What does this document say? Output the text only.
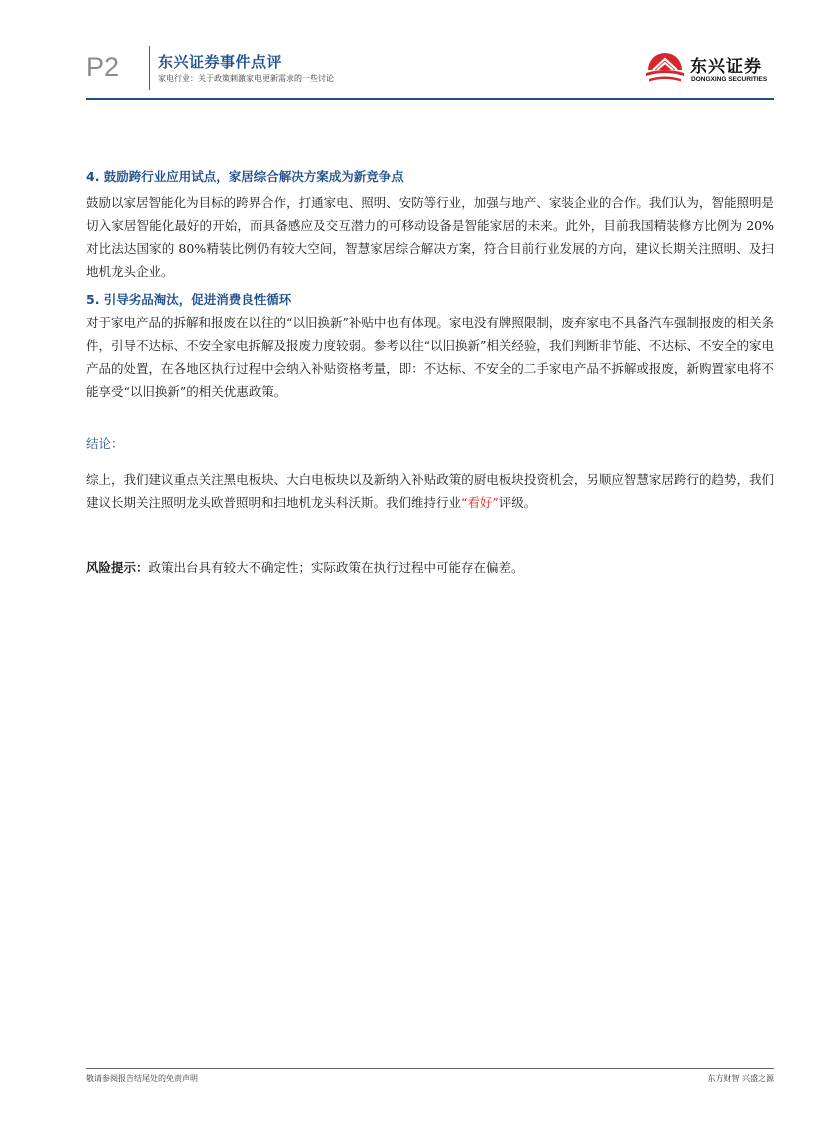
P2	东兴证券事件点评
家电行业：关于政策刺激家电更新需求的一些讨论
东兴证券
DONGXING SECURITIES

4. 鼓励跨行业应用试点，家居综合解决方案成为新竞争点

鼓励以家居智能化为目标的跨界合作，打通家电、照明、安防等行业，加强与地产、家装企业的合作。我们认为，智能照明是切入家居智能化最好的开始，而具备感应及交互潜力的可移动设备是智能家居的未来。此外，目前我国精装修方比例为 20%对比法达国家的 80%精装比例仍有较大空间，智慧家居综合解决方案，符合目前行业发展的方向，建议长期关注照明、及扫地机龙头企业。

5. 引导劣品淘汰，促进消费良性循环

对于家电产品的拆解和报废在以往的“以旧换新”补贴中也有体现。家电没有牌照限制，废弃家电不具备汽车强制报废的相关条件，引导不达标、不安全家电拆解及报废力度较弱。参考以往“以旧换新”相关经验，我们判断非节能、不达标、不安全的家电产品的处置，在各地区执行过程中会纳入补贴资格考量，即：不达标、不安全的二手家电产品不拆解或报废，新购置家电将不能享受“以旧换新”的相关优惠政策。

结论：

综上，我们建议重点关注黑电板块、大白电板块以及新纳入补贴政策的厨电板块投资机会，另顺应智慧家居跨行的趋势，我们建议长期关注照明龙头欧普照明和扫地机龙头科沃斯。我们维持行业“看好”评级。

风险提示：政策出台具有较大不确定性；实际政策在执行过程中可能存在偏差。

敬请参阅报告结尾处的免责声明	东方财智 兴盛之源
